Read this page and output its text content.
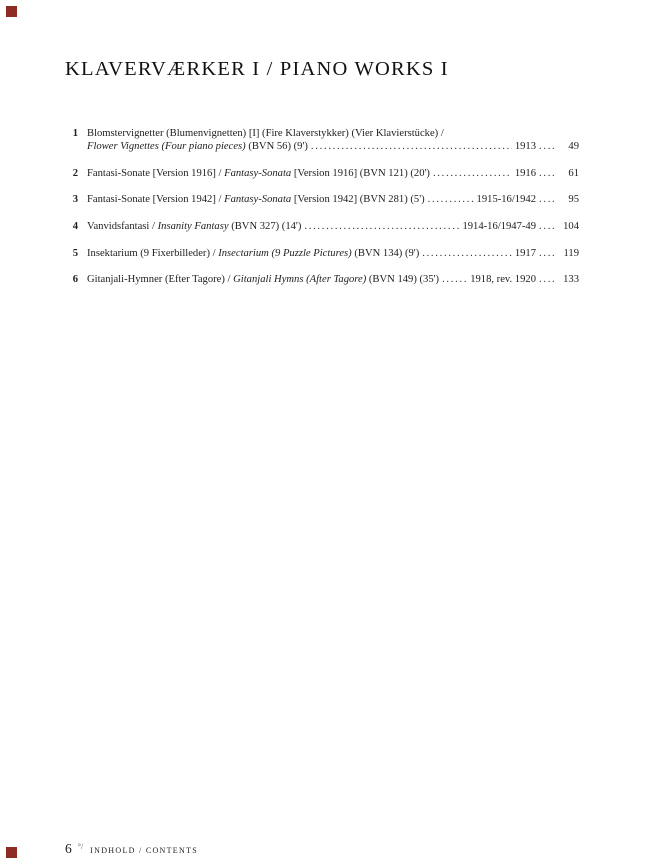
KLAVERVÆRKER I / PIANO WORKS I
1 Blomstervignetter (Blumenvignetten) [I] (Fire Klaverstykker) (Vier Klavierstücke) /
Flower Vignettes (Four piano pieces) (BVN 56) (9') .....	1913 .....	49
2 Fantasi-Sonate [Version 1916] / Fantasy-Sonata [Version 1916] (BVN 121) (20') .....	1916 .....	61
3 Fantasi-Sonate [Version 1942] / Fantasy-Sonata [Version 1942] (BVN 281) (5') .....	1915-16/1942 .....	95
4 Vanvidsfantasi / Insanity Fantasy (BVN 327) (14') .....	1914-16/1947-49 .....	104
5 Insektarium (9 Fixerbilleder) / Insectarium (9 Puzzle Pictures) (BVN 134) (9') .....	1917 .....	119
6 Gitanjali-Hymner (Efter Tagore) / Gitanjali Hymns (After Tagore) (BVN 149) (35') .....	1918, rev. 1920 .....	133
6 °/ INDHOLD / CONTENTS
